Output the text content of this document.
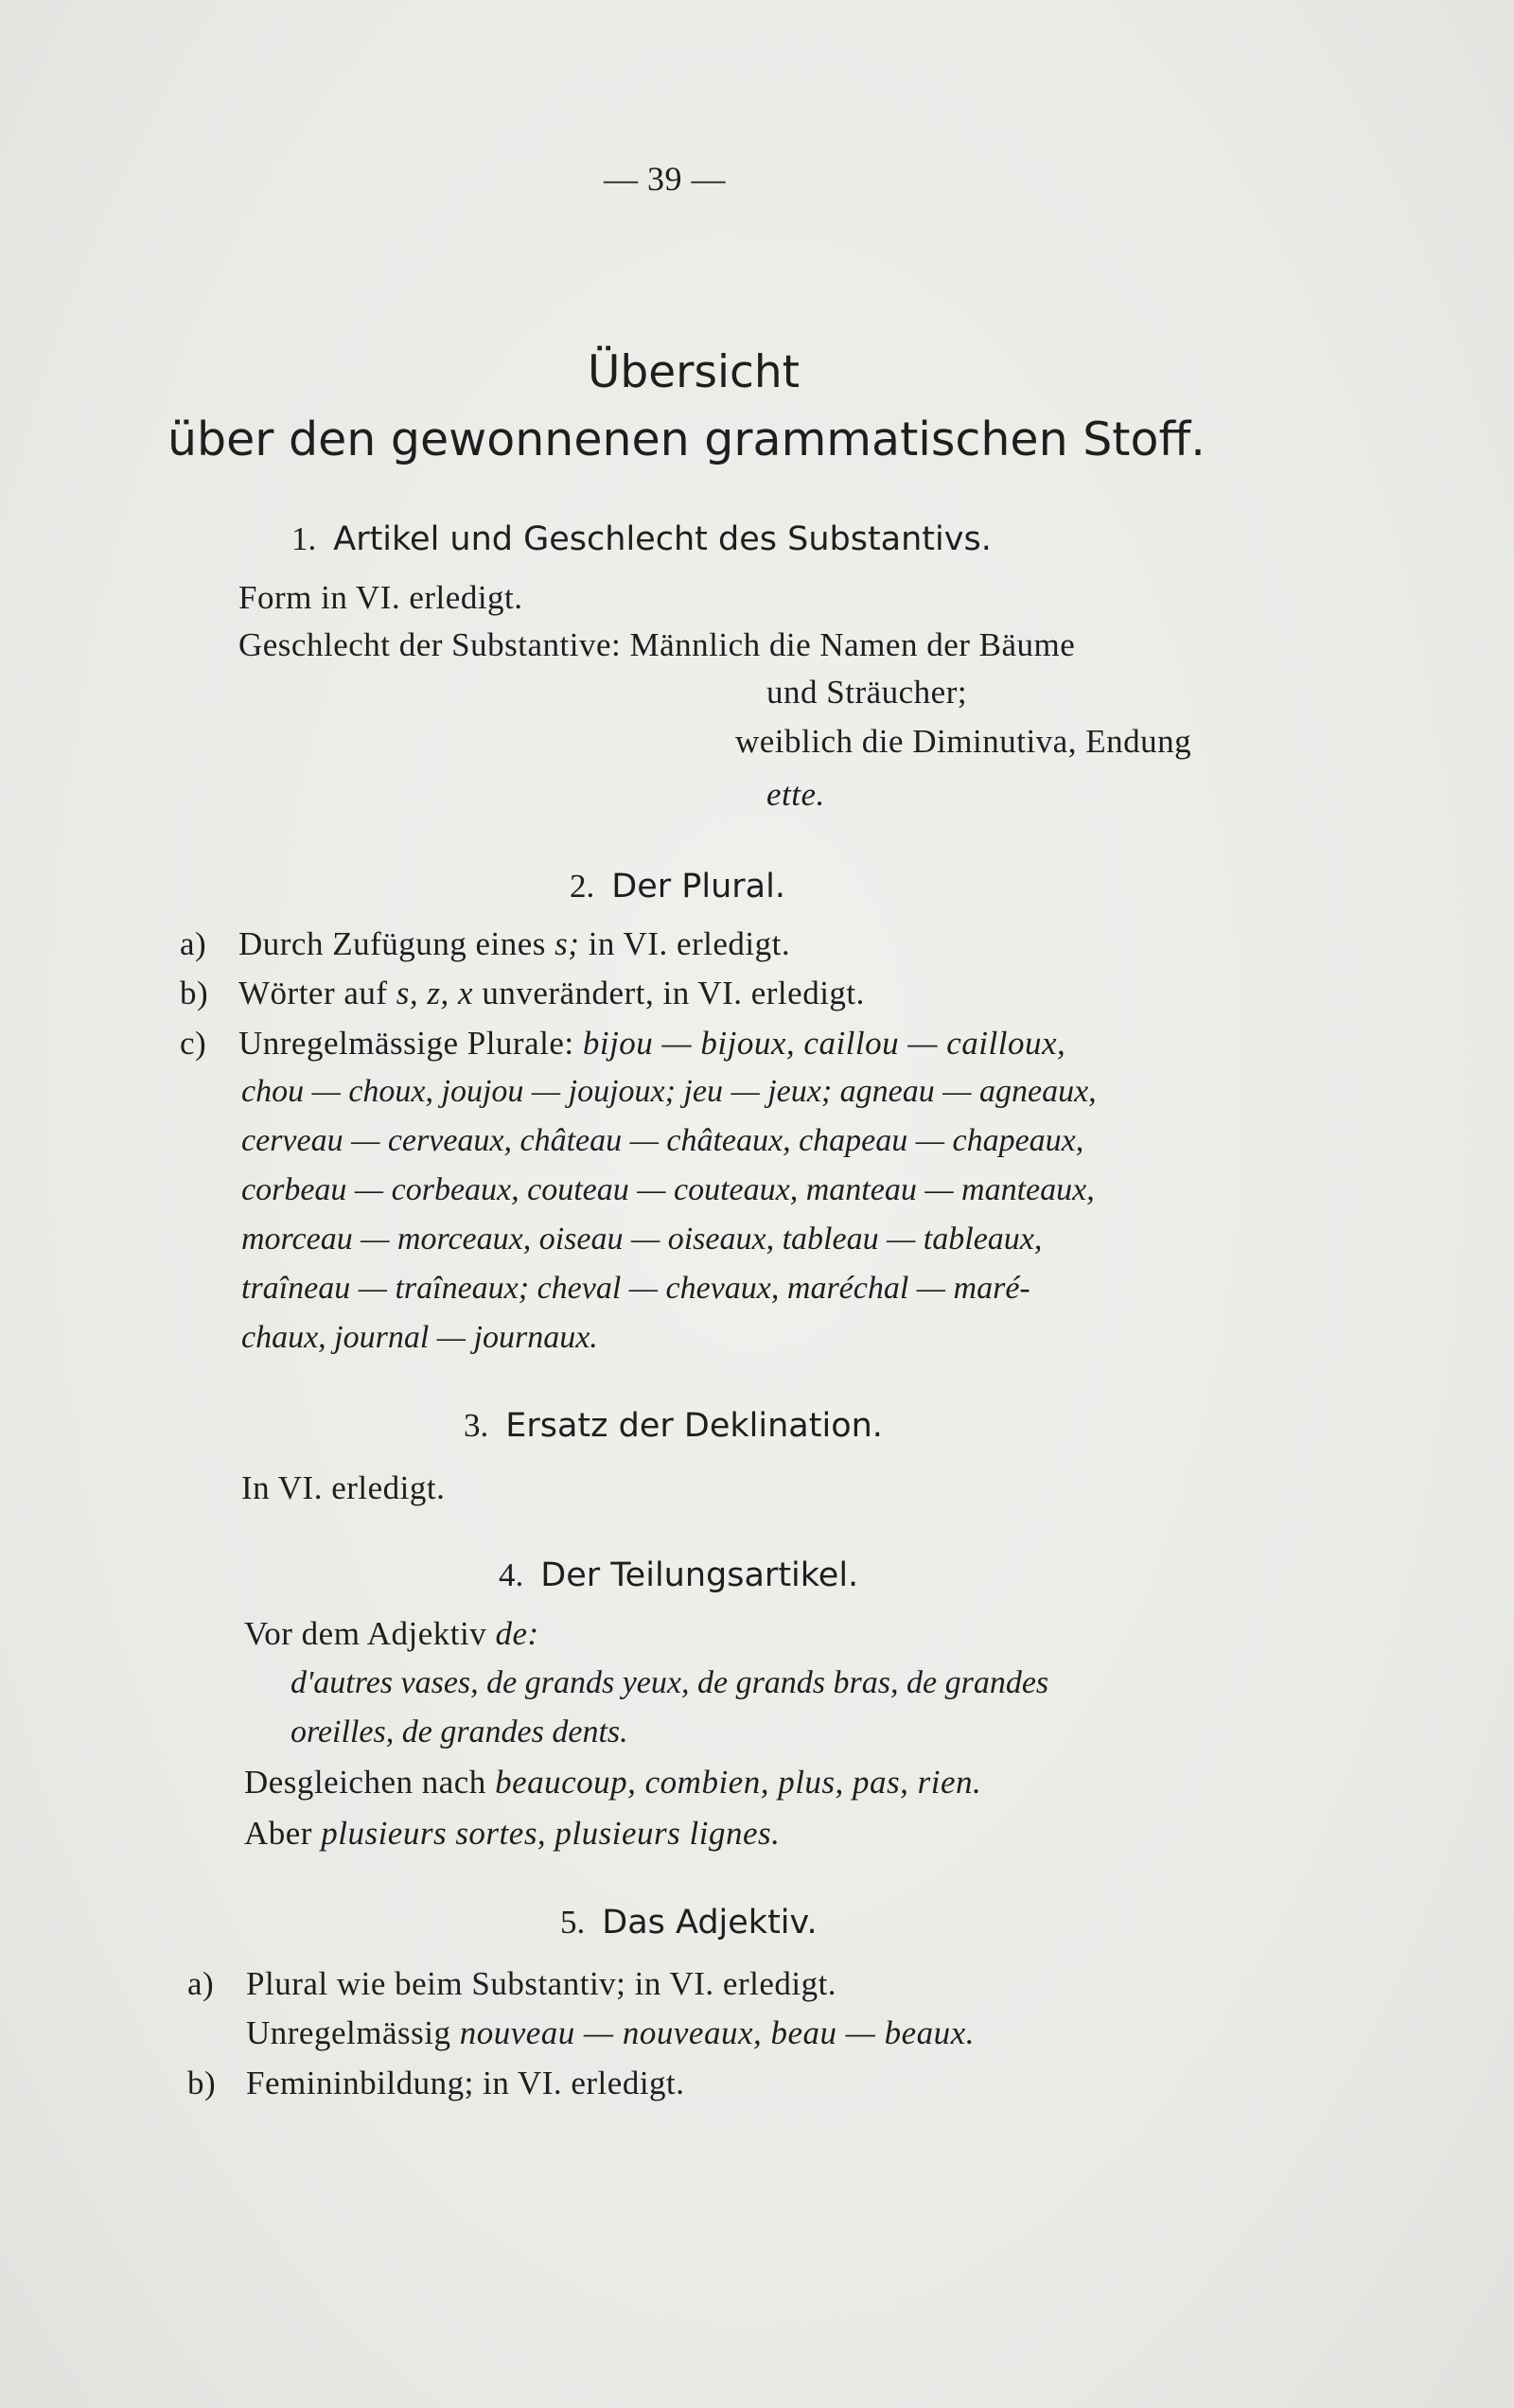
— 39 —
Übersicht
über den gewonnenen grammatischen Stoff.
1. Artikel und Geschlecht des Substantivs.
Form in VI. erledigt.
Geschlecht der Substantive: Männlich die Namen der Bäume
und Sträucher;
weiblich die Diminutiva, Endung
ette.
2. Der Plural.
a) Durch Zufügung eines s; in VI. erledigt.
b) Wörter auf s, z, x unverändert, in VI. erledigt.
c) Unregelmässige Plurale: bijou — bijoux, caillou — cailloux,
chou — choux, joujou — joujoux; jeu — jeux; agneau — agneaux,
cerveau — cerveaux, château — châteaux, chapeau — chapeaux,
corbeau — corbeaux, couteau — couteaux, manteau — manteaux,
morceau — morceaux, oiseau — oiseaux, tableau — tableaux,
traîneau — traîneaux; cheval — chevaux, maréchal — maré-
chaux, journal — journaux.
3. Ersatz der Deklination.
In VI. erledigt.
4. Der Teilungsartikel.
Vor dem Adjektiv de:
d'autres vases, de grands yeux, de grands bras, de grandes
oreilles, de grandes dents.
Desgleichen nach beaucoup, combien, plus, pas, rien.
Aber plusieurs sortes, plusieurs lignes.
5. Das Adjektiv.
a) Plural wie beim Substantiv; in VI. erledigt.
Unregelmässig nouveau — nouveaux, beau — beaux.
b) Femininbildung; in VI. erledigt.
